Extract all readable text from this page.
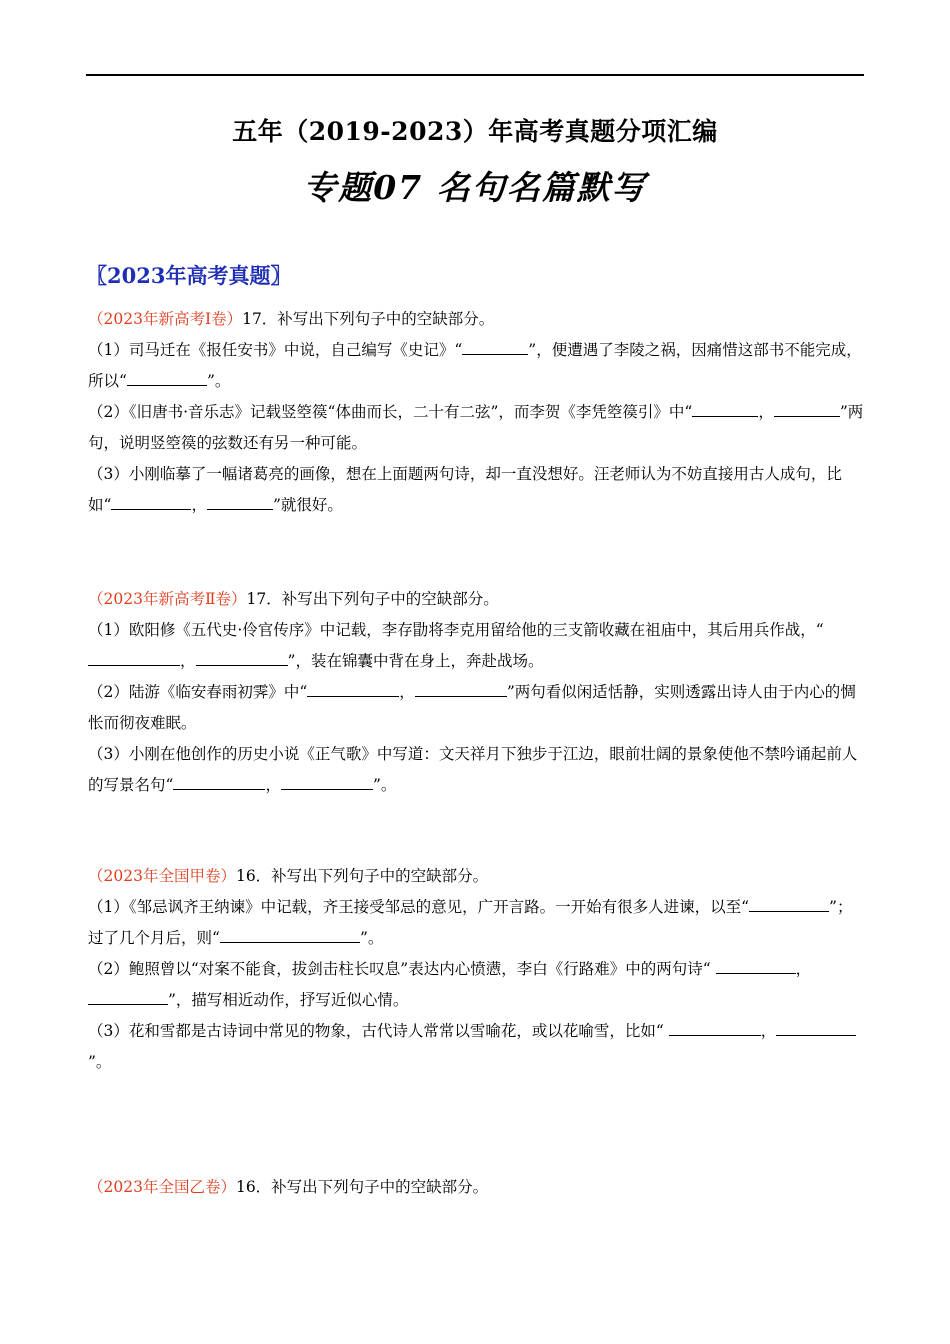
五年（2019-2023）年高考真题分项汇编
专题07 名句名篇默写
〖2023年高考真题〗

（2023年新高考Ⅰ卷）17．补写出下列句子中的空缺部分。

（1）司马迁在《报任安书》中说，自己编写《史记》“	”，便遭遇了李陵之祸，因痛惜这部书不能完成，所以“	”。

（2）《旧唐书·音乐志》记载竖箜篌“体曲而长，二十有二弦”，而李贺《李凭箜篌引》中“	，	”两句，说明竖箜篌的弦数还有另一种可能。

（3）小刚临摹了一幅诸葛亮的画像，想在上面题两句诗，却一直没想好。汪老师认为不妨直接用古人成句，比如“	，	”就很好。

（2023年新高考Ⅱ卷）17．补写出下列句子中的空缺部分。

（1）欧阳修《五代史·伶官传序》中记载，李存勖将李克用留给他的三支箭收藏在祖庙中，其后用兵作战，“，	”，装在锦囊中背在身上，奔赴战场。

（2）陆游《临安春雨初霁》中“	，	”两句看似闲适恬静，实则透露出诗人由于内心的惆怅而彻夜难眠。

（3）小刚在他创作的历史小说《正气歌》中写道：文天祥月下独步于江边，眼前壮阔的景象使他不禁吟诵起前人的写景名句“	，	”。

（2023年全国甲卷）16．补写出下列句子中的空缺部分。

（1）《邹忌讽齐王纳谏》中记载，齐王接受邹忌的意见，广开言路。一开始有很多人进谏，以至“	”；过了几个月后，则“	”。

（2）鲍照曾以“对案不能食，拔剑击柱长叹息”表达内心愤懑，李白《行路难》中的两句诗“	，”，描写相近动作，抒写近似心情。

（3）花和雪都是古诗词中常见的物象，古代诗人常常以雪喻花，或以花喻雪，比如“	，”。

（2023年全国乙卷）16．补写出下列句子中的空缺部分。
